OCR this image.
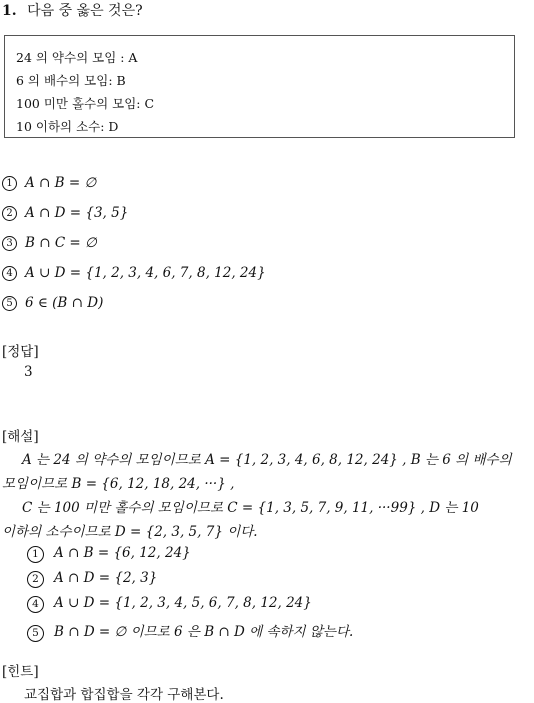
1. 다음 중 옳은 것은?
24 의 약수의 모임 : A
6 의 배수의 모임: B
100 미만 홀수의 모임: C
10 이하의 소수: D
1 A ∩ B = ∅
2 A ∩ D = {3, 5}
3 B ∩ C = ∅
4 A ∪ D = {1, 2, 3, 4, 6, 7, 8, 12, 24}
5 6 ∈ (B ∩ D)
[정답]
3
[해설]
A 는 24 의 약수의 모임이므로 A = {1, 2, 3, 4, 6, 8, 12, 24} , B 는 6 의 배수의
모임이므로 B = {6, 12, 18, 24, ···} ,
C 는 100 미만 홀수의 모임이므로 C = {1, 3, 5, 7, 9, 11, ···99} , D 는 10
이하의 소수이므로 D = {2, 3, 5, 7} 이다.
1 A ∩ B = {6, 12, 24}
2 A ∩ D = {2, 3}
4 A ∪ D = {1, 2, 3, 4, 5, 6, 7, 8, 12, 24}
5 B ∩ D = ∅ 이므로 6 은 B ∩ D 에 속하지 않는다.
[힌트]
교집합과 합집합을 각각 구해본다.
